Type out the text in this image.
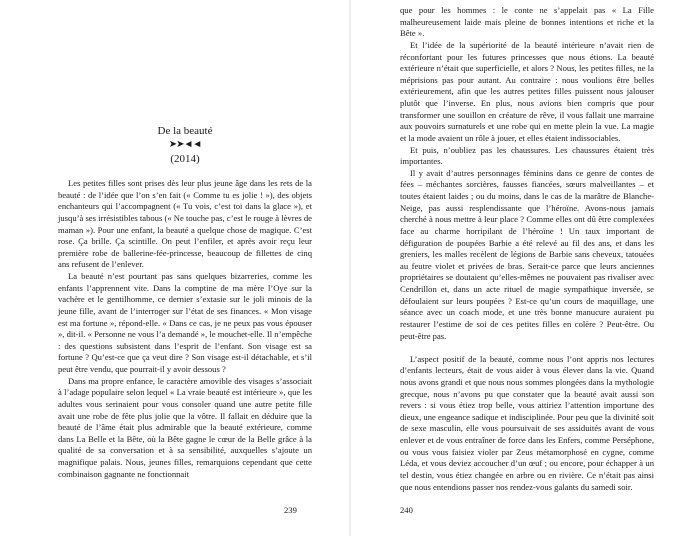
De la beauté
➤➤◄◄
(2014)

Les petites filles sont prises dès leur plus jeune âge dans les rets de la beauté : de l’idée que l’on s’en fait (« Comme tu es jolie ! »), des objets enchanteurs qui l’accompagnent (« Tu vois, c’est toi dans la glace »), et jusqu’à ses irrésistibles tabous (« Ne touche pas, c’est le rouge à lèvres de maman »). Pour une enfant, la beauté a quelque chose de magique. C’est rose. Ça brille. Ça scintille. On peut l’enfiler, et après avoir reçu leur première robe de ballerine-fée-princesse, beaucoup de fillettes de cinq ans refusent de l’enlever.

La beauté n’est pourtant pas sans quelques bizarreries, comme les enfants l’apprennent vite. Dans la comptine de ma mère l’Oye sur la vachère et le gentilhomme, ce dernier s’extasie sur le joli minois de la jeune fille, avant de l’interroger sur l’état de ses finances. « Mon visage est ma fortune », répond-elle. « Dans ce cas, je ne peux pas vous épouser », dit-il. « Personne ne vous l’a demandé », le mouchet-elle. Il n’empêche : des questions subsistent dans l’esprit de l’enfant. Son visage est sa fortune ? Qu’est-ce que ça veut dire ? Son visage est-il détachable, et s’il peut être vendu, que pourrait-il y avoir dessous ?

Dans ma propre enfance, le caractère amovible des visages s’associait à l’adage populaire selon lequel « La vraie beauté est intérieure », que les adultes vous serinaient pour vous consoler quand une autre petite fille avait une robe de fête plus jolie que la vôtre. Il fallait en déduire que la beauté de l’âme était plus admirable que la beauté extérieure, comme dans La Belle et la Bête, où la Bête gagne le cœur de la Belle grâce à la qualité de sa conversation et à sa sensibilité, auxquelles s’ajoute un magnifique palais. Nous, jeunes filles, remarquions cependant que cette combinaison gagnante ne fonctionnait

239

que pour les hommes : le conte ne s’appelait pas « La Fille malheureusement laide mais pleine de bonnes intentions et riche et la Bête ».

Et l’idée de la supériorité de la beauté intérieure n’avait rien de réconfortant pour les futures princesses que nous étions. La beauté extérieure n’était que superficielle, et alors ? Nous, les petites filles, ne la méprisions pas pour autant. Au contraire : nous voulions être belles extérieurement, afin que les autres petites filles puissent nous jalouser plutôt que l’inverse. En plus, nous avions bien compris que pour transformer une souillon en créature de rêve, il vous fallait une marraine aux pouvoirs surnaturels et une robe qui en mette plein la vue. La magie et la mode avaient un rôle à jouer, et elles étaient indissociables.

Et puis, n’oubliez pas les chaussures. Les chaussures étaient très importantes.

Il y avait d’autres personnages féminins dans ce genre de contes de fées – méchantes sorcières, fausses fiancées, sœurs malveillantes – et toutes étaient laides ; ou du moins, dans le cas de la marâtre de Blanche-Neige, pas aussi resplendissante que l’héroïne. Avons-nous jamais cherché à nous mettre à leur place ? Comme elles ont dû être complexées face au charme horripilant de l’héroïne ! Un taux important de défiguration de poupées Barbie a été relevé au fil des ans, et dans les greniers, les malles recèlent de légions de Barbie sans cheveux, tatouées au feutre violet et privées de bras. Serait-ce parce que leurs anciennes propriétaires se doutaient qu’elles-mêmes ne pouvaient pas rivaliser avec Cendrillon et, dans un acte rituel de magie sympathique inversée, se défoulaient sur leurs poupées ? Est-ce qu’un cours de maquillage, une séance avec un coach mode, et une très bonne manucure auraient pu restaurer l’estime de soi de ces petites filles en colère ? Peut-être. Ou peut-être pas.

L’aspect positif de la beauté, comme nous l’ont appris nos lectures d’enfants lecteurs, était de vous aider à vous élever dans la vie. Quand nous avons grandi et que nous nous sommes plongées dans la mythologie grecque, nous n’avons pu que constater que la beauté avait aussi son revers : si vous étiez trop belle, vous attiriez l’attention importune des dieux, une engeance sadique et indisciplinée. Pour peu que la divinité soit de sexe masculin, elle vous poursuivait de ses assiduités avant de vous enlever et de vous entraîner de force dans les Enfers, comme Perséphone, ou vous vous faisiez violer par Zeus métamorphosé en cygne, comme Léda, et vous deviez accoucher d’un œuf ; ou encore, pour échapper à un tel destin, vous étiez changée en arbre ou en rivière. Ce n’était pas ainsi que nous entendions passer nos rendez-vous galants du samedi soir.

240
